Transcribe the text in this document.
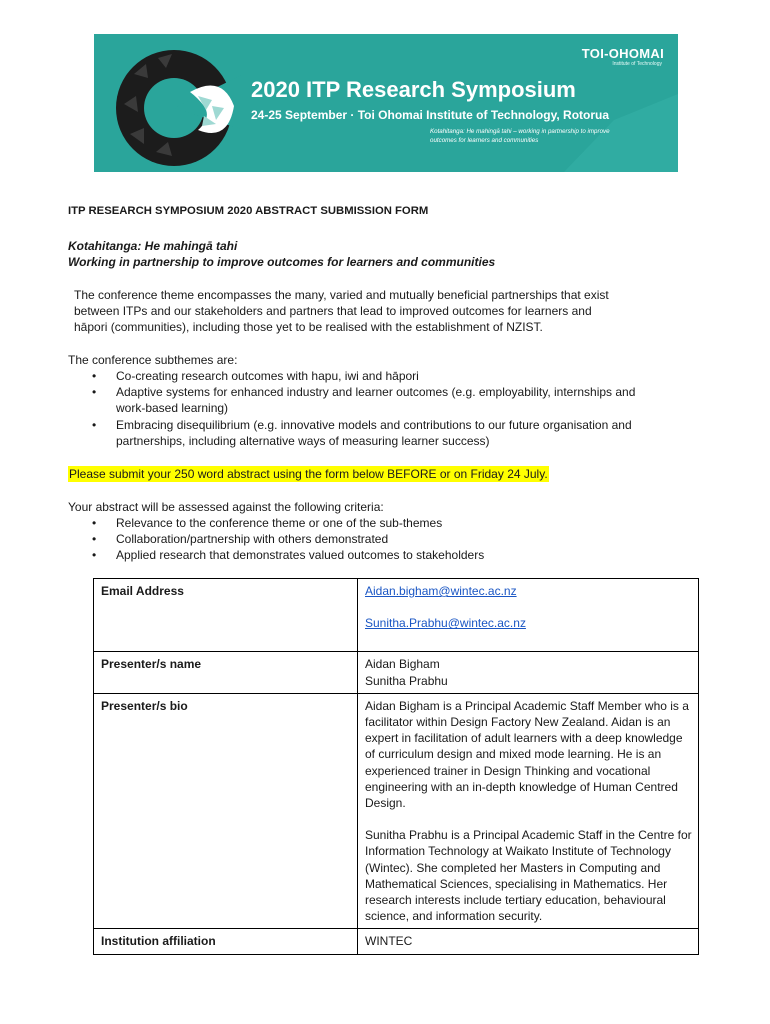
TOI-OHOMAI
Institute of Technology
2020 ITP Research Symposium
24-25 September · Toi Ohomai Institute of Technology, Rotorua
Kotahitanga: He mahingā tahi – working in partnership to improve outcomes for learners and communities
ITP RESEARCH SYMPOSIUM 2020 ABSTRACT SUBMISSION FORM
Kotahitanga: He mahingā tahi
Working in partnership to improve outcomes for learners and communities
The conference theme encompasses the many, varied and mutually beneficial partnerships that exist
between ITPs and our stakeholders and partners that lead to improved outcomes for learners and
hāpori (communities), including those yet to be realised with the establishment of NZIST.
The conference subthemes are:
• Co-creating research outcomes with hapu, iwi and hāpori
• Adaptive systems for enhanced industry and learner outcomes (e.g. employability, internships and work-based learning)
• Embracing disequilibrium (e.g. innovative models and contributions to our future organisation and partnerships, including alternative ways of measuring learner success)
Please submit your 250 word abstract using the form below BEFORE or on Friday 24 July.
Your abstract will be assessed against the following criteria:
• Relevance to the conference theme or one of the sub-themes
• Collaboration/partnership with others demonstrated
• Applied research that demonstrates valued outcomes to stakeholders
Email Address	Aidan.bigham@wintec.ac.nz
Sunitha.Prabhu@wintec.ac.nz

Presenter/s name	Aidan Bigham
Sunitha Prabhu

Presenter/s bio	Aidan Bigham is a Principal Academic Staff Member who is a facilitator within Design Factory New Zealand. Aidan is an expert in facilitation of adult learners with a deep knowledge of curriculum design and mixed mode learning. He is an experienced trainer in Design Thinking and vocational engineering with an in-depth knowledge of Human Centred Design.
Sunitha Prabhu is a Principal Academic Staff in the Centre for Information Technology at Waikato Institute of Technology (Wintec). She completed her Masters in Computing and Mathematical Sciences, specialising in Mathematics. Her research interests include tertiary education, behavioural science, and information security.

Institution affiliation	WINTEC
